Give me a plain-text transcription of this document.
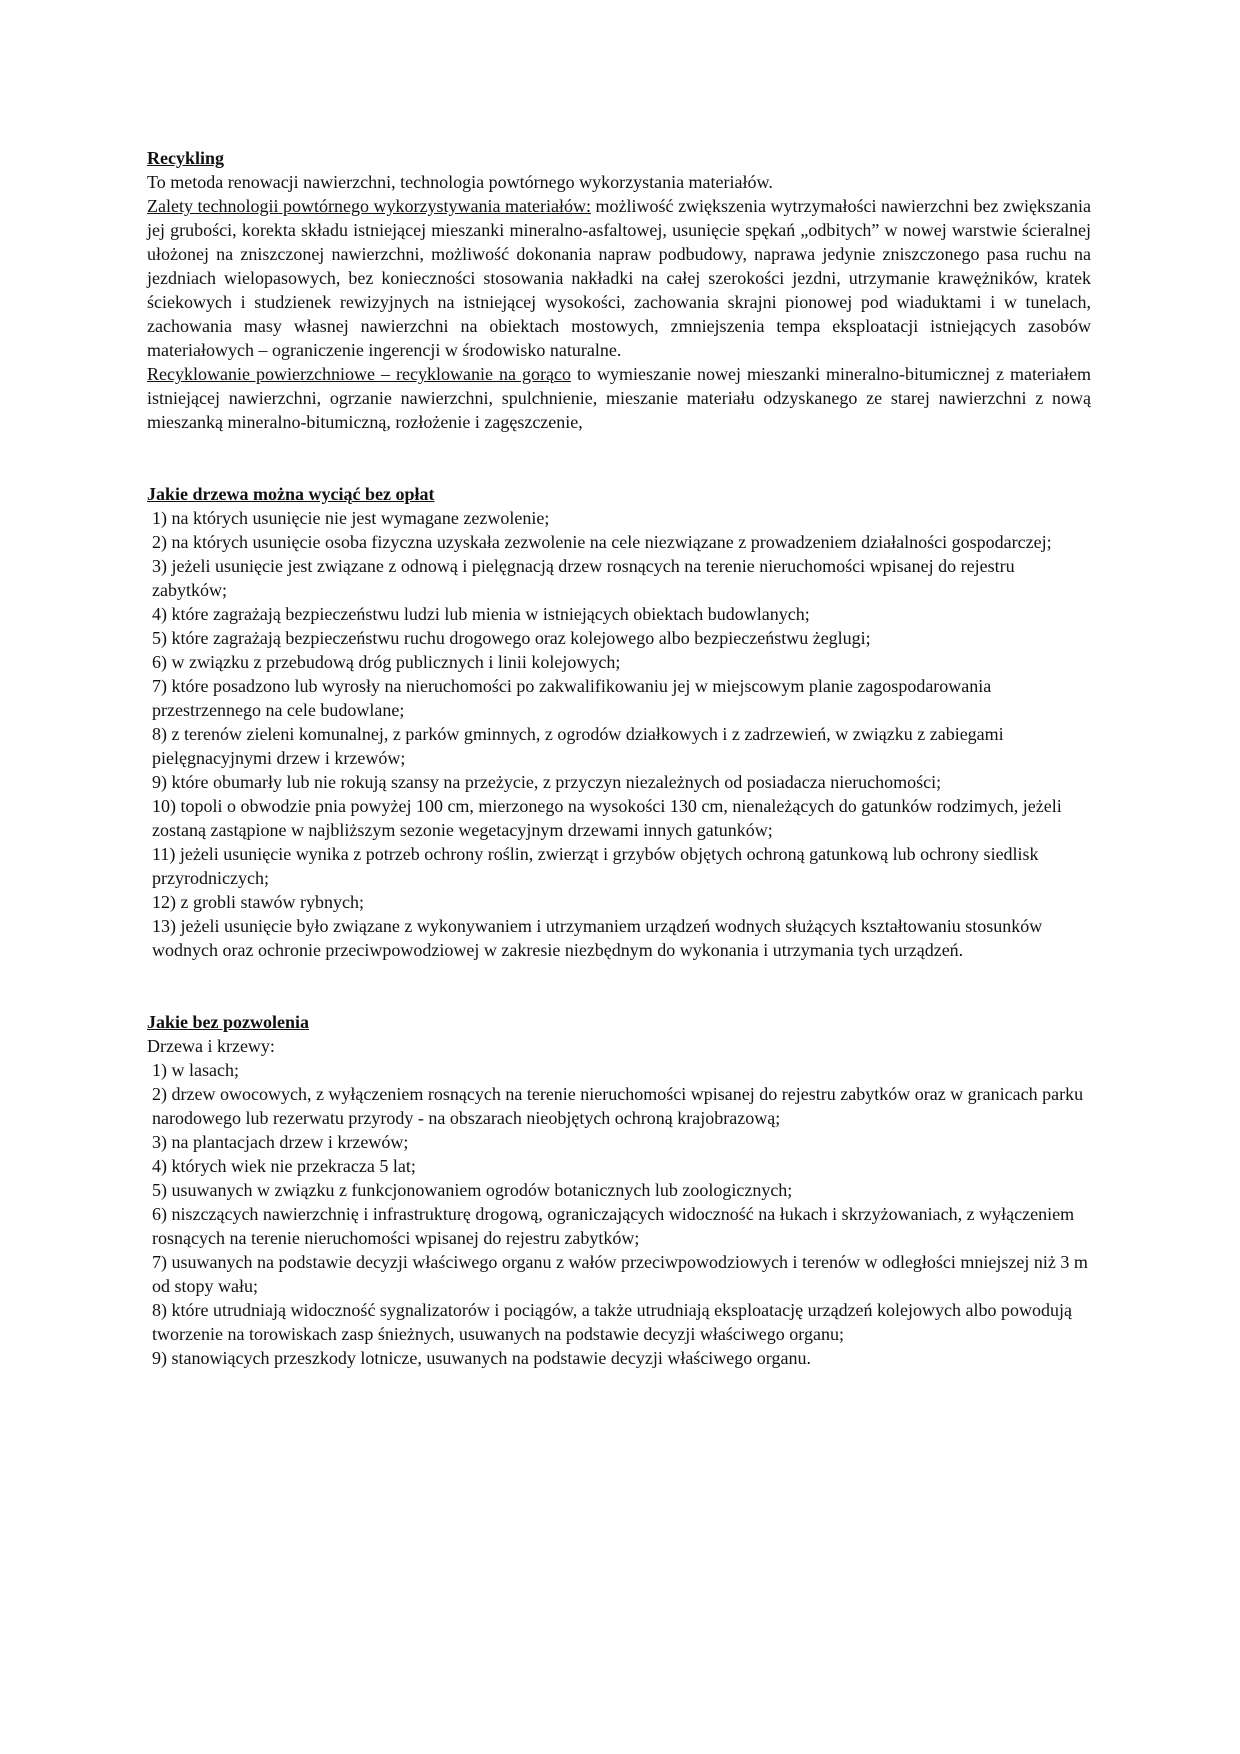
Recykling

To metoda renowacji nawierzchni, technologia powtórnego wykorzystania materiałów.

Zalety technologii powtórnego wykorzystywania materiałów: możliwość zwiększenia wytrzymałości nawierzchni bez zwiększania jej grubości, korekta składu istniejącej mieszanki mineralno-asfaltowej, usunięcie spękań „odbitych” w nowej warstwie ścieralnej ułożonej na zniszczonej nawierzchni, możliwość dokonania napraw podbudowy, naprawa jedynie zniszczonego pasa ruchu na jezdniach wielopasowych, bez konieczności stosowania nakładki na całej szerokości jezdni, utrzymanie krawężników, kratek ściekowych i studzienek rewizyjnych na istniejącej wysokości, zachowania skrajni pionowej pod wiaduktami i w tunelach, zachowania masy własnej nawierzchni na obiektach mostowych, zmniejszenia tempa eksploatacji istniejących zasobów materiałowych – ograniczenie ingerencji w środowisko naturalne.

Recyklowanie powierzchniowe – recyklowanie na gorąco to wymieszanie nowej mieszanki mineralno-bitumicznej z materiałem istniejącej nawierzchni, ogrzanie nawierzchni, spulchnienie, mieszanie materiału odzyskanego ze starej nawierzchni z nową mieszanką mineralno-bitumiczną, rozłożenie i zagęszczenie,

Jakie drzewa można wyciąć bez opłat

1) na których usunięcie nie jest wymagane zezwolenie;
2) na których usunięcie osoba fizyczna uzyskała zezwolenie na cele niezwiązane z prowadzeniem działalności gospodarczej;
3) jeżeli usunięcie jest związane z odnową i pielęgnacją drzew rosnących na terenie nieruchomości wpisanej do rejestru zabytków;
4) które zagrażają bezpieczeństwu ludzi lub mienia w istniejących obiektach budowlanych;
5) które zagrażają bezpieczeństwu ruchu drogowego oraz kolejowego albo bezpieczeństwu żeglugi;
6) w związku z przebudową dróg publicznych i linii kolejowych;
7) które posadzono lub wyrosły na nieruchomości po zakwalifikowaniu jej w miejscowym planie zagospodarowania przestrzennego na cele budowlane;
8) z terenów zieleni komunalnej, z parków gminnych, z ogrodów działkowych i z zadrzewień, w związku z zabiegami pielęgnacyjnymi drzew i krzewów;
9) które obumarły lub nie rokują szansy na przeżycie, z przyczyn niezależnych od posiadacza nieruchomości;
10) topoli o obwodzie pnia powyżej 100 cm, mierzonego na wysokości 130 cm, nienależących do gatunków rodzimych, jeżeli zostaną zastąpione w najbliższym sezonie wegetacyjnym drzewami innych gatunków;
11) jeżeli usunięcie wynika z potrzeb ochrony roślin, zwierząt i grzybów objętych ochroną gatunkową lub ochrony siedlisk przyrodniczych;
12) z grobli stawów rybnych;
13) jeżeli usunięcie było związane z wykonywaniem i utrzymaniem urządzeń wodnych służących kształtowaniu stosunków wodnych oraz ochronie przeciwpowodziowej w zakresie niezbędnym do wykonania i utrzymania tych urządzeń.

Jakie bez pozwolenia

Drzewa i krzewy:

1) w lasach;
2) drzew owocowych, z wyłączeniem rosnących na terenie nieruchomości wpisanej do rejestru zabytków oraz w granicach parku narodowego lub rezerwatu przyrody - na obszarach nieobjętych ochroną krajobrazową;
3) na plantacjach drzew i krzewów;
4) których wiek nie przekracza 5 lat;
5) usuwanych w związku z funkcjonowaniem ogrodów botanicznych lub zoologicznych;
6) niszczących nawierzchnię i infrastrukturę drogową, ograniczających widoczność na łukach i skrzyżowaniach, z wyłączeniem rosnących na terenie nieruchomości wpisanej do rejestru zabytków;
7) usuwanych na podstawie decyzji właściwego organu z wałów przeciwpowodziowych i terenów w odległości mniejszej niż 3 m od stopy wału;
8) które utrudniają widoczność sygnalizatorów i pociągów, a także utrudniają eksploatację urządzeń kolejowych albo powodują tworzenie na torowiskach zasp śnieżnych, usuwanych na podstawie decyzji właściwego organu;
9) stanowiących przeszkody lotnicze, usuwanych na podstawie decyzji właściwego organu.
